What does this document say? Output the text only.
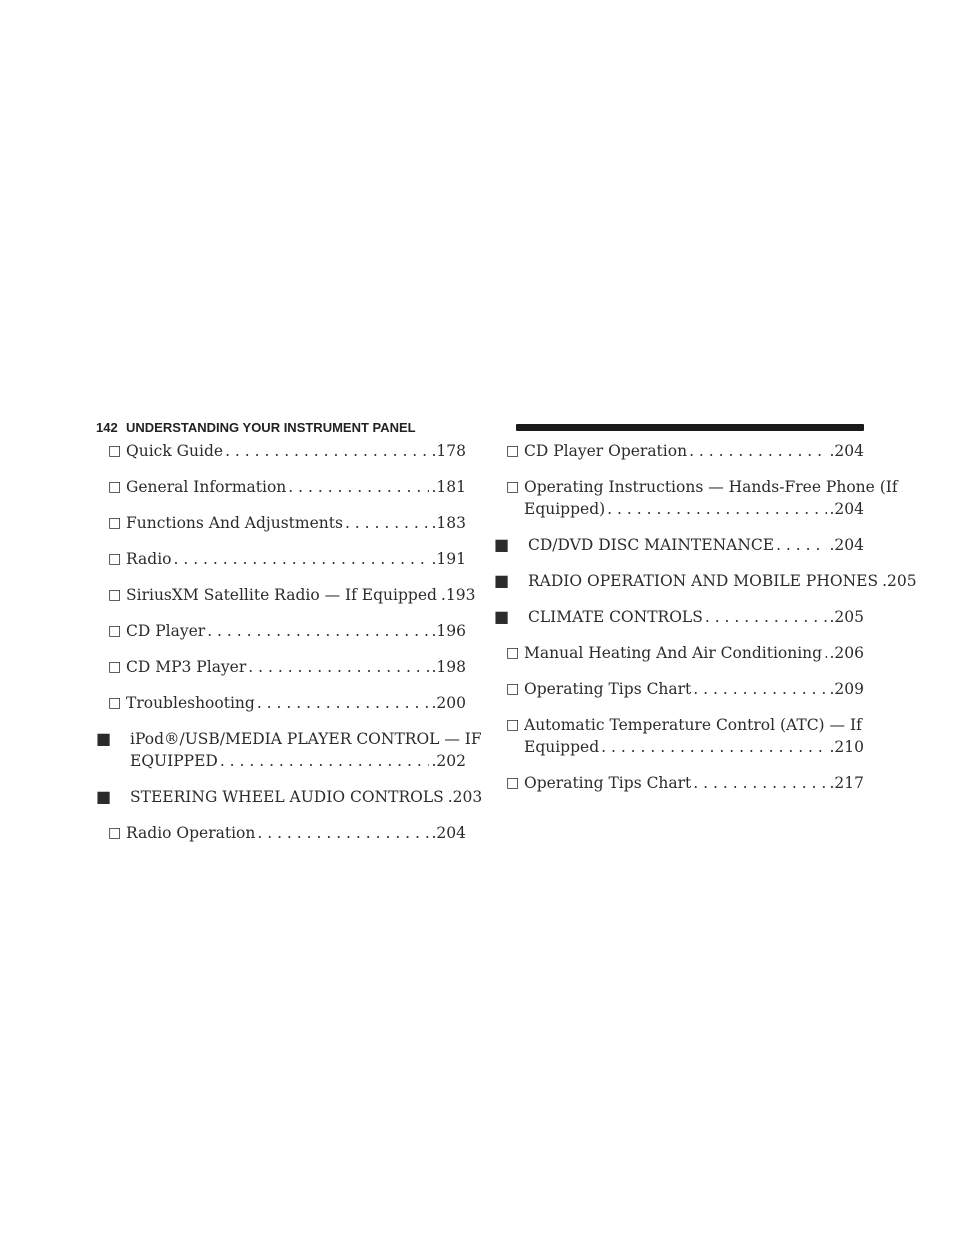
142 UNDERSTANDING YOUR INSTRUMENT PANEL
□ Quick Guide . . .	.178
□ General Information . . .	.181
□ Functions And Adjustments . . .	.183
□ Radio . . .	.191
□ SiriusXM Satellite Radio — If Equipped .193
□ CD Player . . .	.196
□ CD MP3 Player . . .	.198
□ Troubleshooting . . .	.200
■ iPod®/USB/MEDIA PLAYER CONTROL — IF
EQUIPPED . . .	.202
■ STEERING WHEEL AUDIO CONTROLS .203
□ Radio Operation . . .	.204
□ CD Player Operation . . .	.204
□ Operating Instructions — Hands-Free Phone (If
Equipped) . . .	.204
■ CD/DVD DISC MAINTENANCE . . .	.204
■ RADIO OPERATION AND MOBILE PHONES .205
■ CLIMATE CONTROLS . . .	.205
□ Manual Heating And Air Conditioning . . . .206
□ Operating Tips Chart . . .	.209
□ Automatic Temperature Control (ATC) — If
Equipped . . .	.210
□ Operating Tips Chart . . .	.217
